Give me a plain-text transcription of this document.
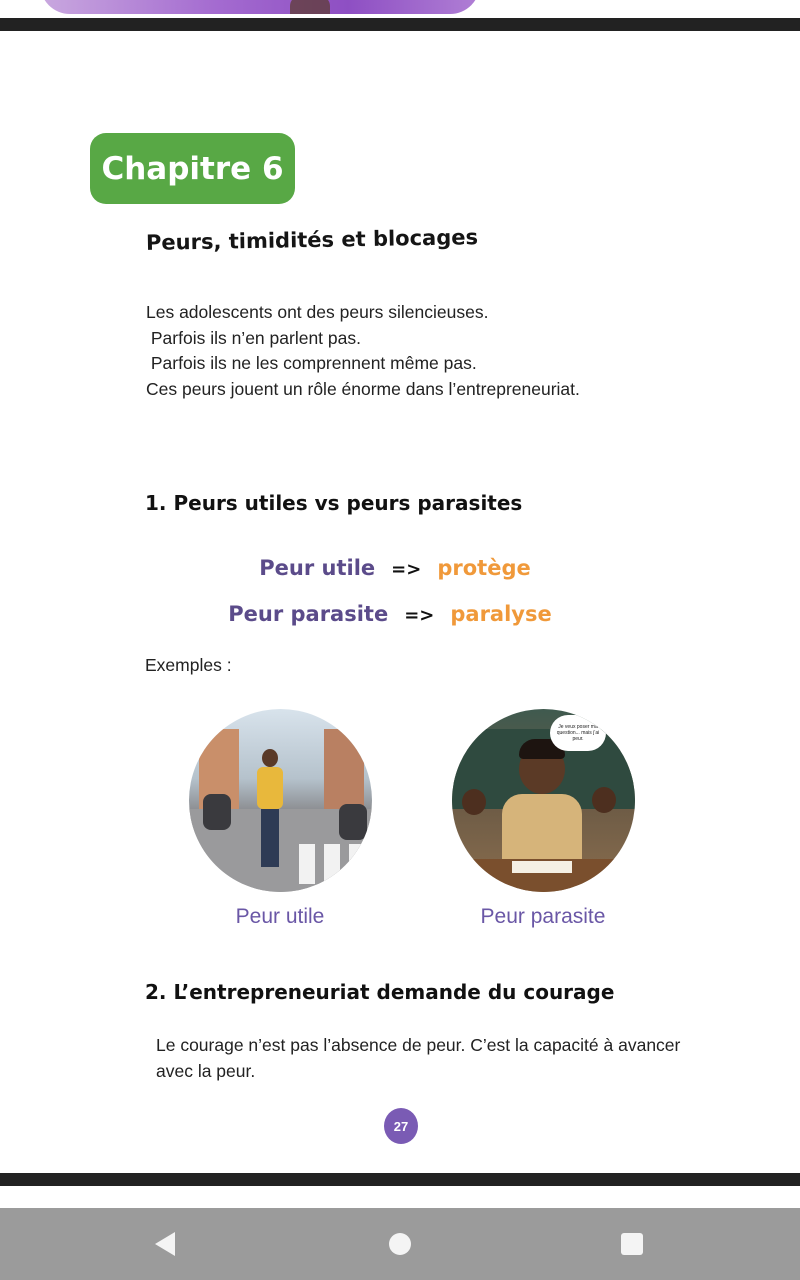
Chapitre 6
Peurs, timidités et blocages
Les adolescents ont des peurs silencieuses.
Parfois ils n’en parlent pas.
Parfois ils ne les comprennent même pas.
Ces peurs jouent un rôle énorme dans l’entrepreneuriat.
1. Peurs utiles vs peurs parasites
Peur utile => protège
Peur parasite => paralyse
Exemples :
Je veux poser ma question... mais j’ai peur.
Peur utile	Peur parasite
2. L’entrepreneuriat demande du courage
Le courage n’est pas l’absence de peur. C’est la capacité à avancer avec la peur.
27
